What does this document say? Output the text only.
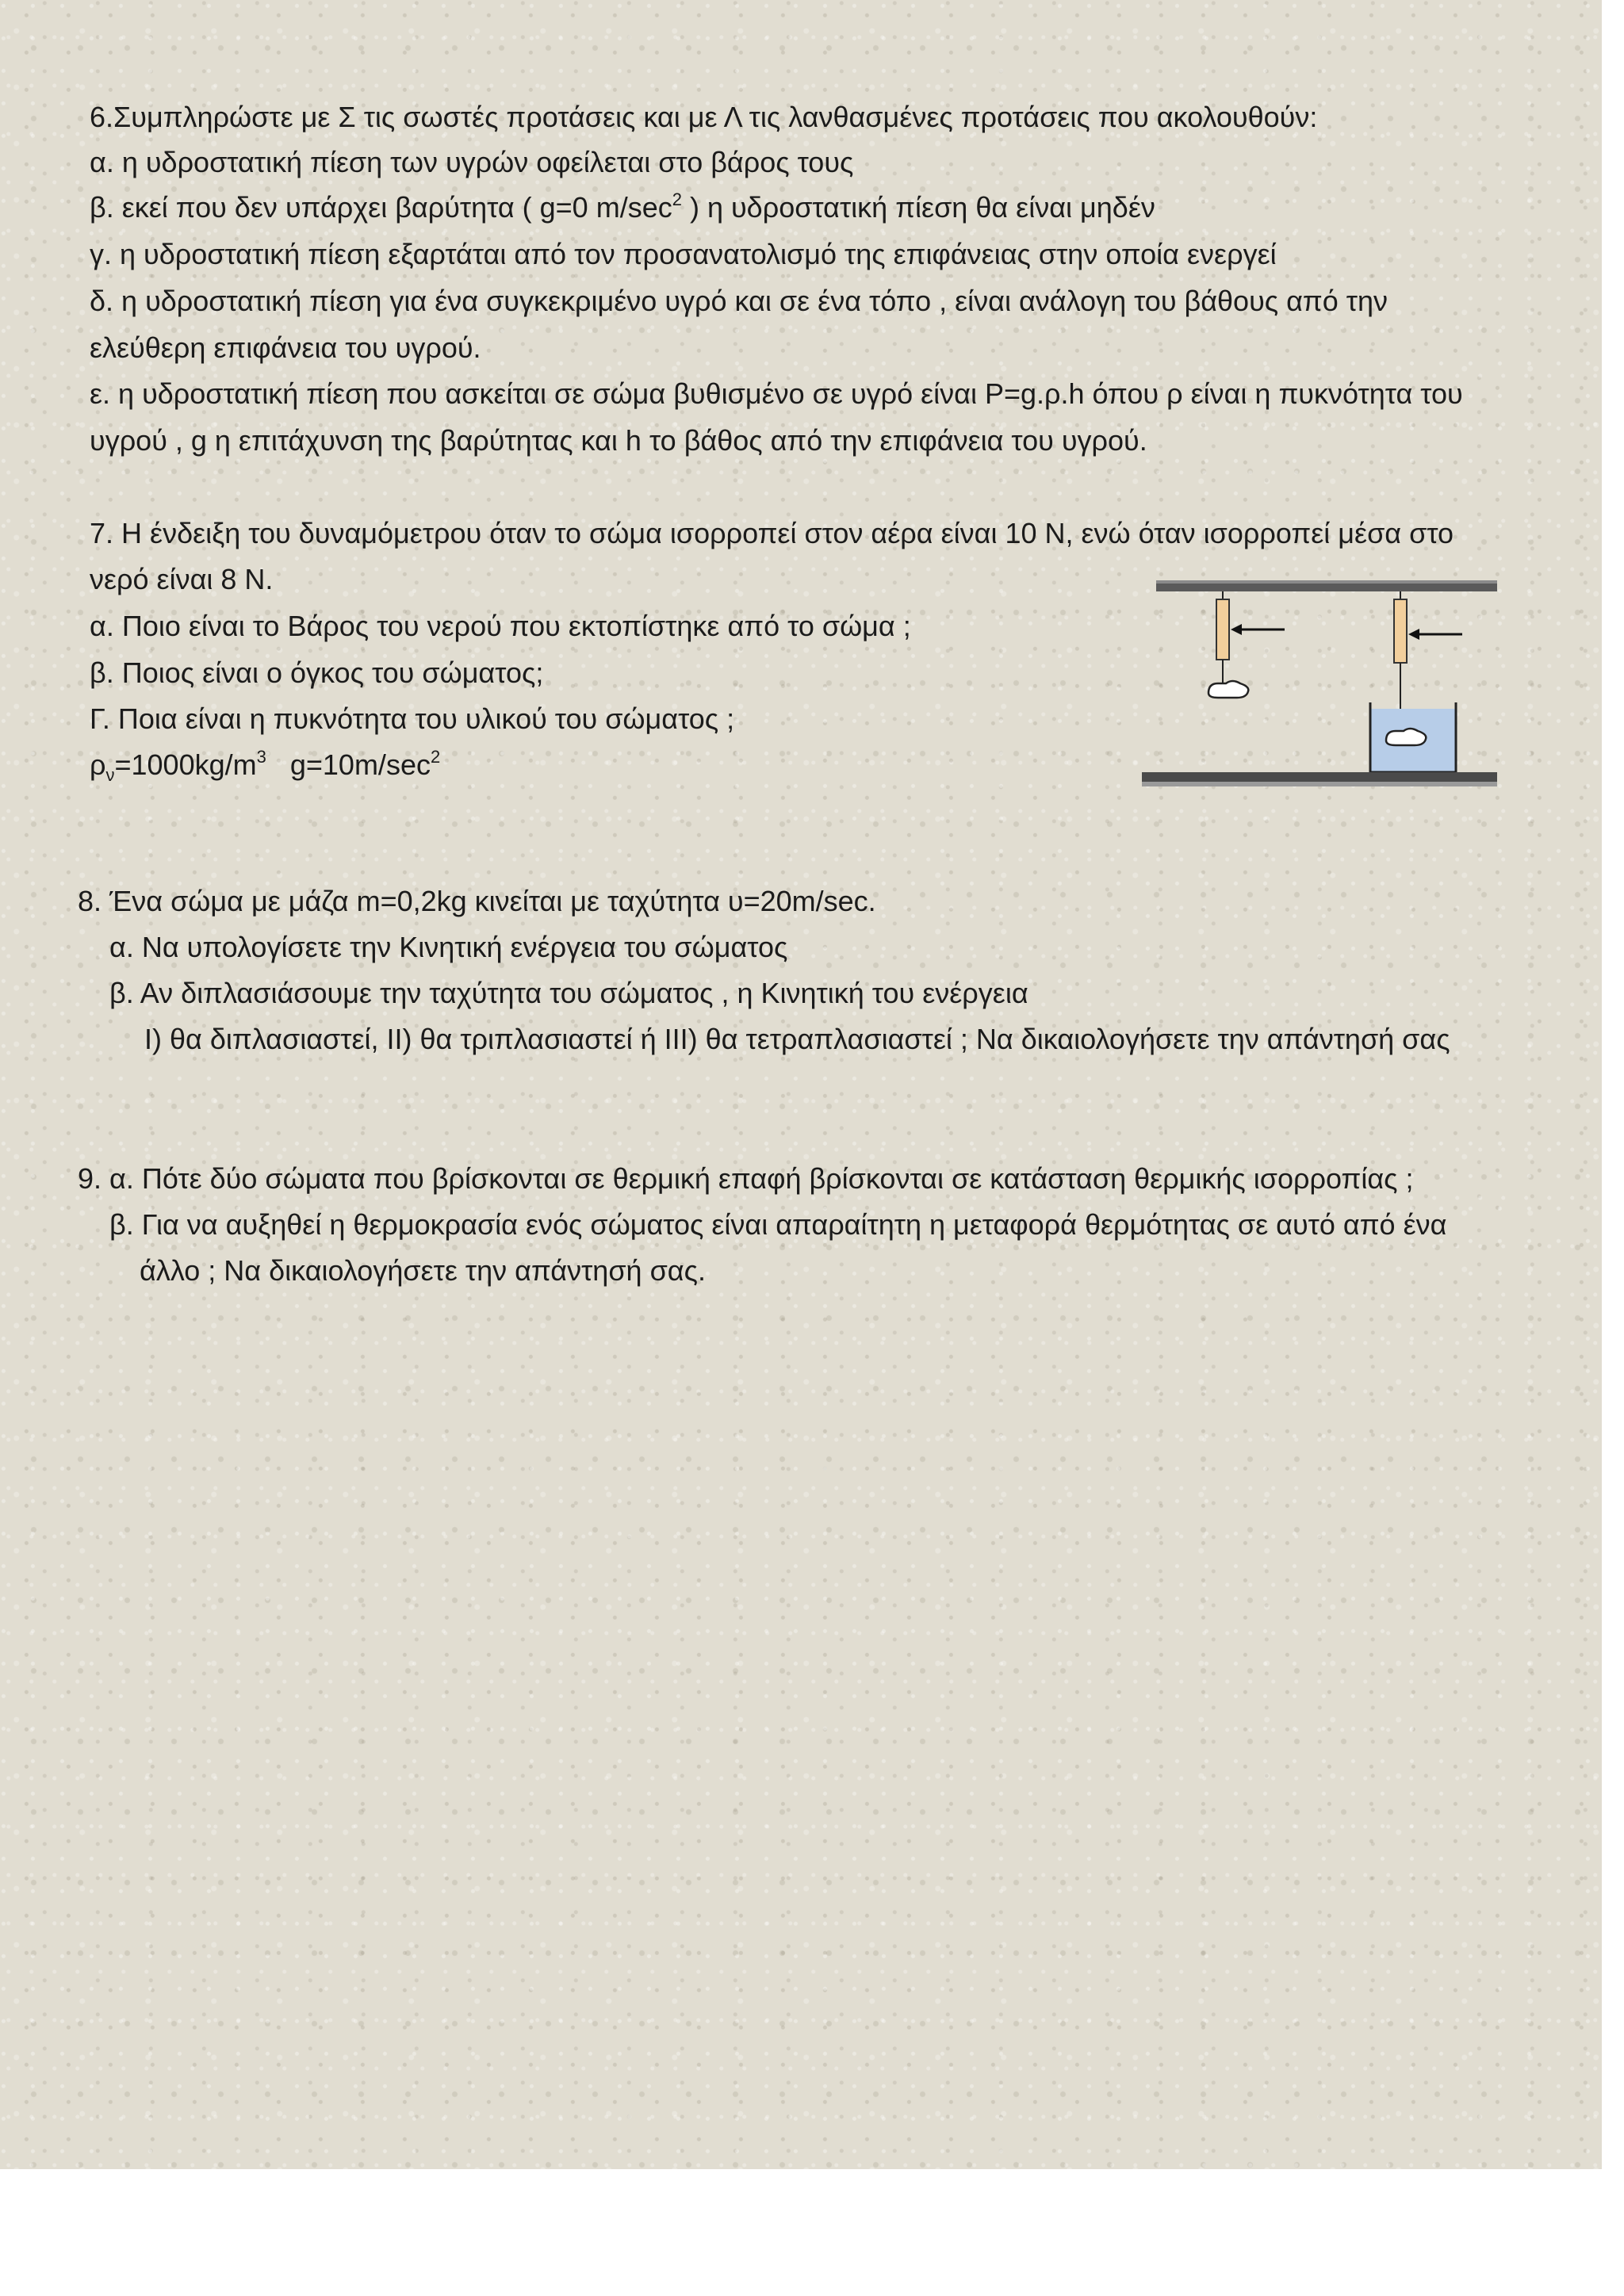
6.Συμπληρώστε με Σ τις σωστές προτάσεις και με Λ τις λανθασμένες προτάσεις που ακολουθούν:
α. η υδροστατική πίεση των υγρών οφείλεται στο βάρος τους
β. εκεί που δεν υπάρχει βαρύτητα ( g=0 $m/\sec^2$ ) η υδροστατική πίεση θα είναι μηδέν
γ. η υδροστατική πίεση εξαρτάται από τον προσανατολισμό της επιφάνειας στην οποία ενεργεί
δ. η υδροστατική πίεση για ένα συγκεκριμένο υγρό και σε ένα τόπο , είναι ανάλογη του βάθους από την
ελεύθερη επιφάνεια του υγρού.
ε. η υδροστατική πίεση που ασκείται σε σώμα βυθισμένο σε υγρό είναι P=g.ρ.h όπου ρ είναι η πυκνότητα του
υγρού , g η επιτάχυνση της βαρύτητας και h το βάθος από την επιφάνεια του υγρού.
7. Η ένδειξη του δυναμόμετρου όταν το σώμα ισορροπεί στον αέρα είναι 10 Ν, ενώ όταν ισορροπεί μέσα στο
νερό είναι 8 Ν.
α. Ποιο είναι το Βάρος του νερού που εκτοπίστηκε από το σώμα ;
β. Ποιος είναι ο όγκος του σώματος;
Γ. Ποια είναι η πυκνότητα του υλικού του σώματος ;
$\rho_\nu=1000kg/m^3$ $g=10m/\sec^2$
8. Ένα σώμα με μάζα m=0,2kg κινείται με ταχύτητα υ=20m/sec.
α. Να υπολογίσετε την Κινητική ενέργεια του σώματος
β. Αν διπλασιάσουμε την ταχύτητα του σώματος , η Κινητική του ενέργεια
Ι) θα διπλασιαστεί, ΙΙ) θα τριπλασιαστεί ή ΙΙΙ) θα τετραπλασιαστεί ; Να δικαιολογήσετε την απάντησή σας
9. α. Πότε δύο σώματα που βρίσκονται σε θερμική επαφή βρίσκονται σε κατάσταση θερμικής ισορροπίας ;
β. Για να αυξηθεί η θερμοκρασία ενός σώματος είναι απαραίτητη η μεταφορά θερμότητας σε αυτό από ένα
άλλο ; Να δικαιολογήσετε την απάντησή σας.
